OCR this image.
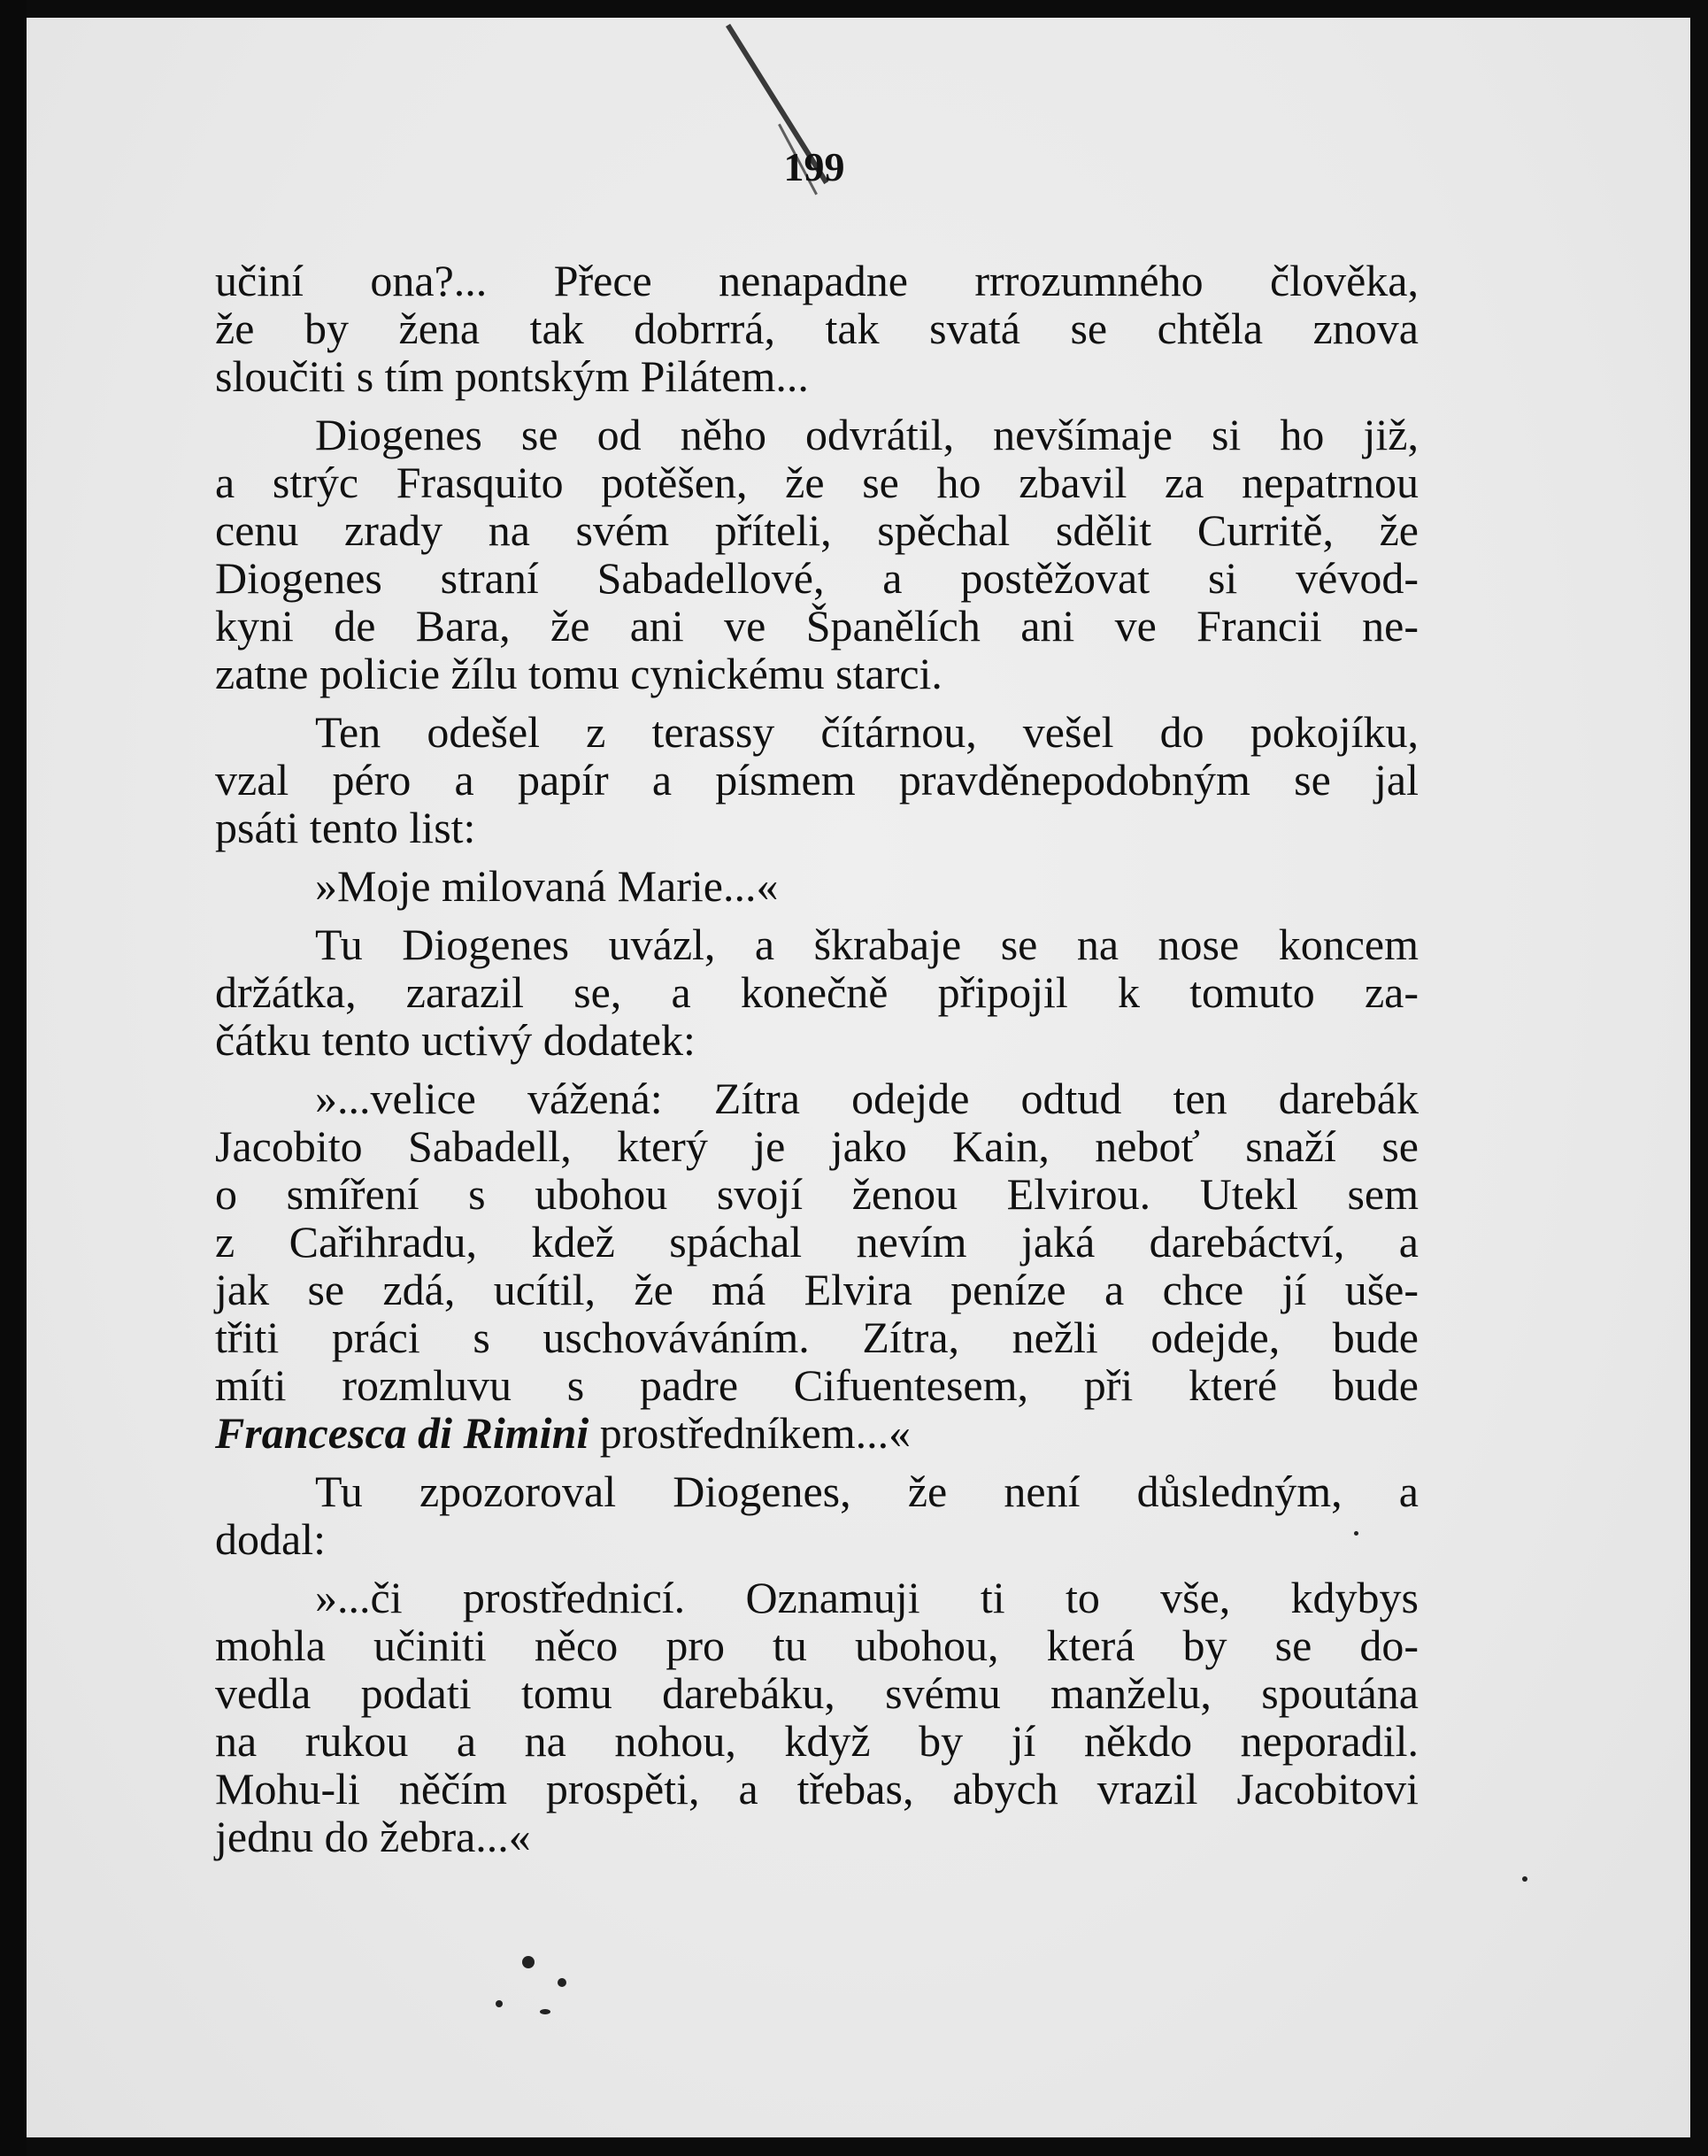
199
učiní ona?... Přece nenapadne rrrozumného člověka,
že by žena tak dobrrrá, tak svatá se chtěla znova
sloučiti s tím pontským Pilátem...
Diogenes se od něho odvrátil, nevšímaje si ho již,
a strýc Frasquito potěšen, že se ho zbavil za nepatrnou
cenu zrady na svém příteli, spěchal sdělit Curritě, že
Diogenes straní Sabadellové, a postěžovat si vévod-
kyni de Bara, že ani ve Španělích ani ve Francii ne-
zatne policie žílu tomu cynickému starci.
Ten odešel z terassy čítárnou, vešel do pokojíku,
vzal péro a papír a písmem pravděnepodobným se jal
psáti tento list:
»Moje milovaná Marie...«
Tu Diogenes uvázl, a škrabaje se na nose koncem
držátka, zarazil se, a konečně připojil k tomuto za-
čátku tento uctivý dodatek:
»...velice vážená: Zítra odejde odtud ten darebák
Jacobito Sabadell, který je jako Kain, neboť snaží se
o smíření s ubohou svojí ženou Elvirou. Utekl sem
z Cařihradu, kdež spáchal nevím jaká darebáctví, a
jak se zdá, ucítil, že má Elvira peníze a chce jí uše-
třiti práci s uschováváním. Zítra, nežli odejde, bude
míti rozmluvu s padre Cifuentesem, při které bude
Francesca di Rimini prostředníkem...«
Tu zpozoroval Diogenes, že není důsledným, a
dodal:
»...či prostřednicí. Oznamuji ti to vše, kdybys
mohla učiniti něco pro tu ubohou, která by se do-
vedla podati tomu darebáku, svému manželu, spoutána
na rukou a na nohou, když by jí někdo neporadil.
Mohu-li něčím prospěti, a třebas, abych vrazil Jacobitovi
jednu do žebra...«
